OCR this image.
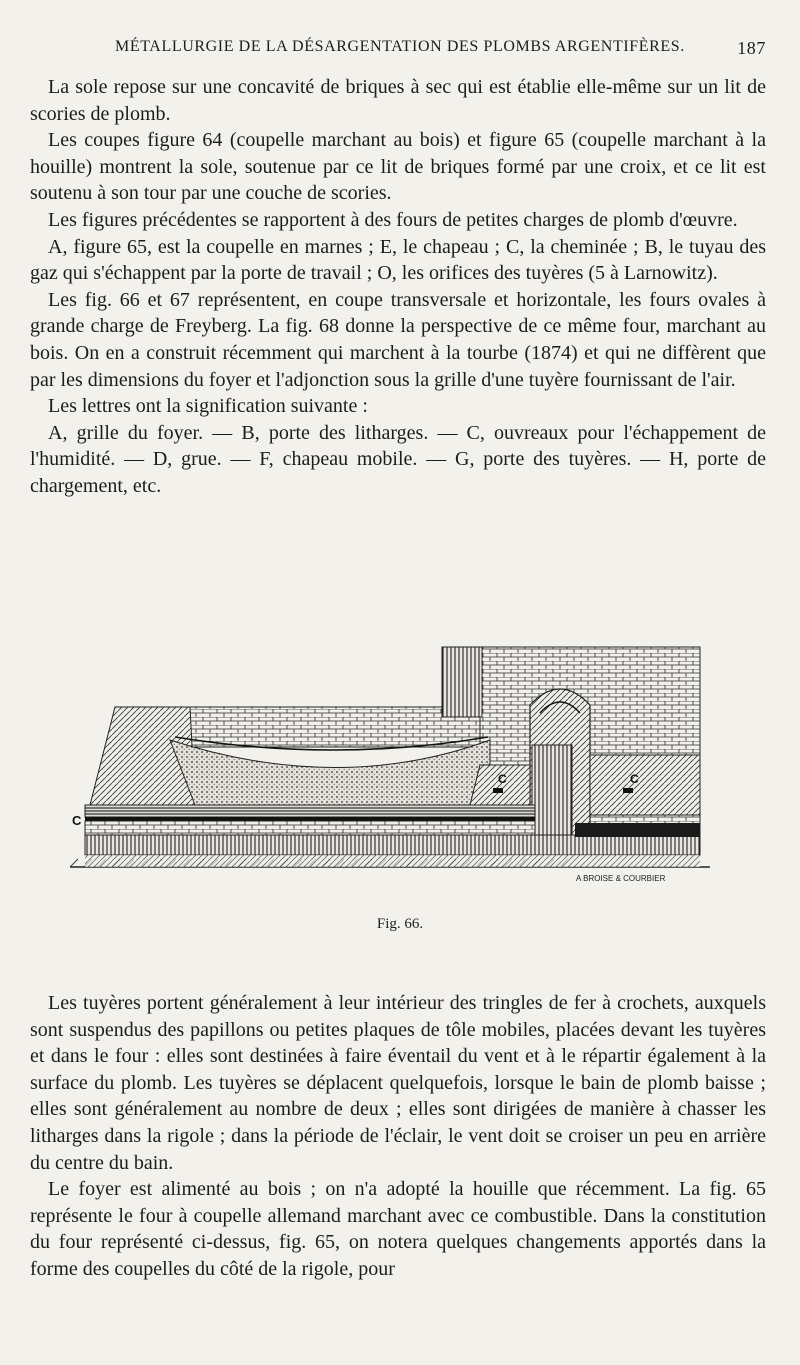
MÉTALLURGIE DE LA DÉSARGENTATION DES PLOMBS ARGENTIFÈRES.	187

La sole repose sur une concavité de briques à sec qui est établie elle-même sur un lit de scories de plomb.

Les coupes figure 64 (coupelle marchant au bois) et figure 65 (coupelle marchant à la houille) montrent la sole, soutenue par ce lit de briques formé par une croix, et ce lit est soutenu à son tour par une couche de scories.

Les figures précédentes se rapportent à des fours de petites charges de plomb d'œuvre.

A, figure 65, est la coupelle en marnes ; E, le chapeau ; C, la cheminée ; B, le tuyau des gaz qui s'échappent par la porte de travail ; O, les orifices des tuyères (5 à Larnowitz).

Les fig. 66 et 67 représentent, en coupe transversale et horizontale, les fours ovales à grande charge de Freyberg. La fig. 68 donne la perspective de ce même four, marchant au bois. On en a construit récemment qui marchent à la tourbe (1874) et qui ne diffèrent que par les dimensions du foyer et l'adjonction sous la grille d'une tuyère fournissant de l'air.

Les lettres ont la signification suivante :

A, grille du foyer. — B, porte des litharges. — C, ouvreaux pour l'échappement de l'humidité. — D, grue. — F, chapeau mobile. — G, porte des tuyères. — H, porte de chargement, etc.

C
C	C
A BROISE & COURBIER
Fig. 66.

Les tuyères portent généralement à leur intérieur des tringles de fer à crochets, auxquels sont suspendus des papillons ou petites plaques de tôle mobiles, placées devant les tuyères et dans le four : elles sont destinées à faire éventail du vent et à le répartir également à la surface du plomb. Les tuyères se déplacent quelquefois, lorsque le bain de plomb baisse ; elles sont généralement au nombre de deux ; elles sont dirigées de manière à chasser les litharges dans la rigole ; dans la période de l'éclair, le vent doit se croiser un peu en arrière du centre du bain.

Le foyer est alimenté au bois ; on n'a adopté la houille que récemment. La fig. 65 représente le four à coupelle allemand marchant avec ce combustible. Dans la constitution du four représenté ci-dessus, fig. 65, on notera quelques changements apportés dans la forme des coupelles du côté de la rigole, pour
